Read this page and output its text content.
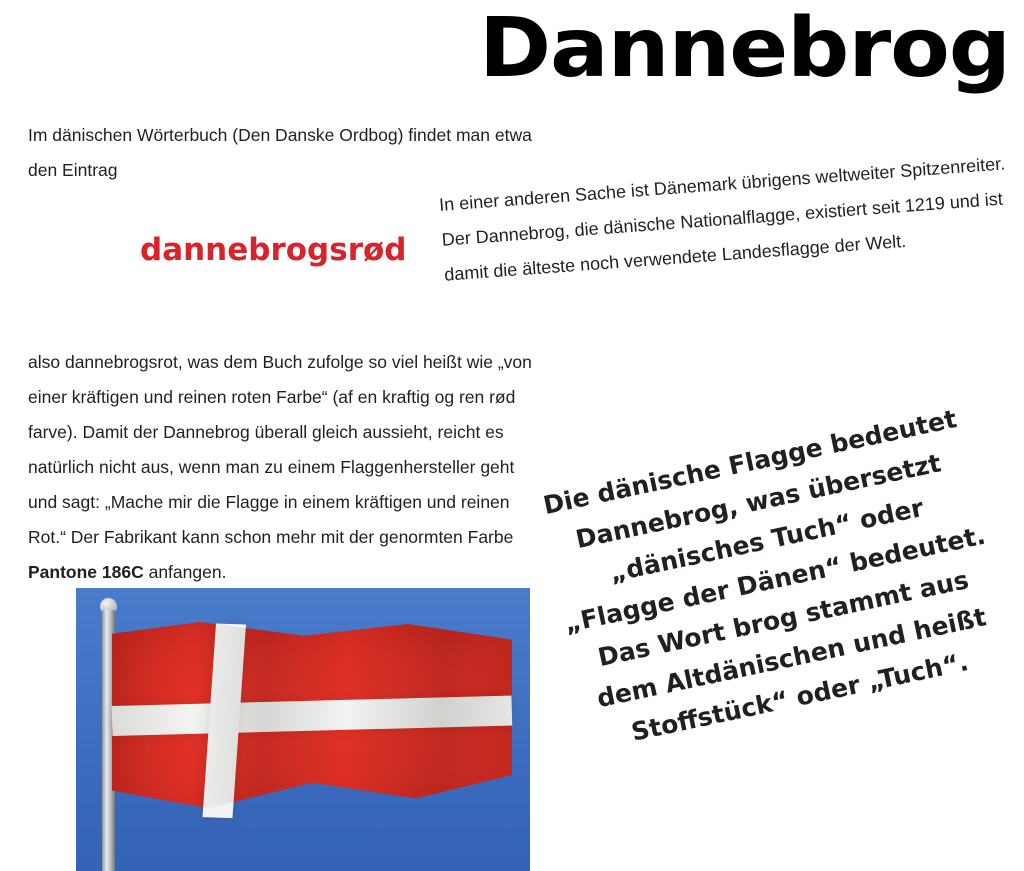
Dannebrog
Im dänischen Wörterbuch (Den Danske Ordbog) findet man etwa den Eintrag
dannebrogsrød
also dannebrogsrot, was dem Buch zufolge so viel heißt wie „von einer kräftigen und reinen roten Farbe“ (af en kraftig og ren rød farve). Damit der Dannebrog überall gleich aussieht, reicht es natürlich nicht aus, wenn man zu einem Flaggenhersteller geht und sagt: „Mache mir die Flagge in einem kräftigen und reinen Rot.“ Der Fabrikant kann schon mehr mit der genormten Farbe Pantone 186C anfangen.
In einer anderen Sache ist Dänemark übrigens weltweiter Spitzenreiter. Der Dannebrog, die dänische Nationalflagge, existiert seit 1219 und ist damit die älteste noch verwendete Landesflagge der Welt.
Die dänische Flagge bedeutet Dannebrog, was übersetzt „dänisches Tuch“ oder „Flagge der Dänen“ bedeutet. Das Wort brog stammt aus dem Altdänischen und heißt Stoffstück“ oder „Tuch“.
